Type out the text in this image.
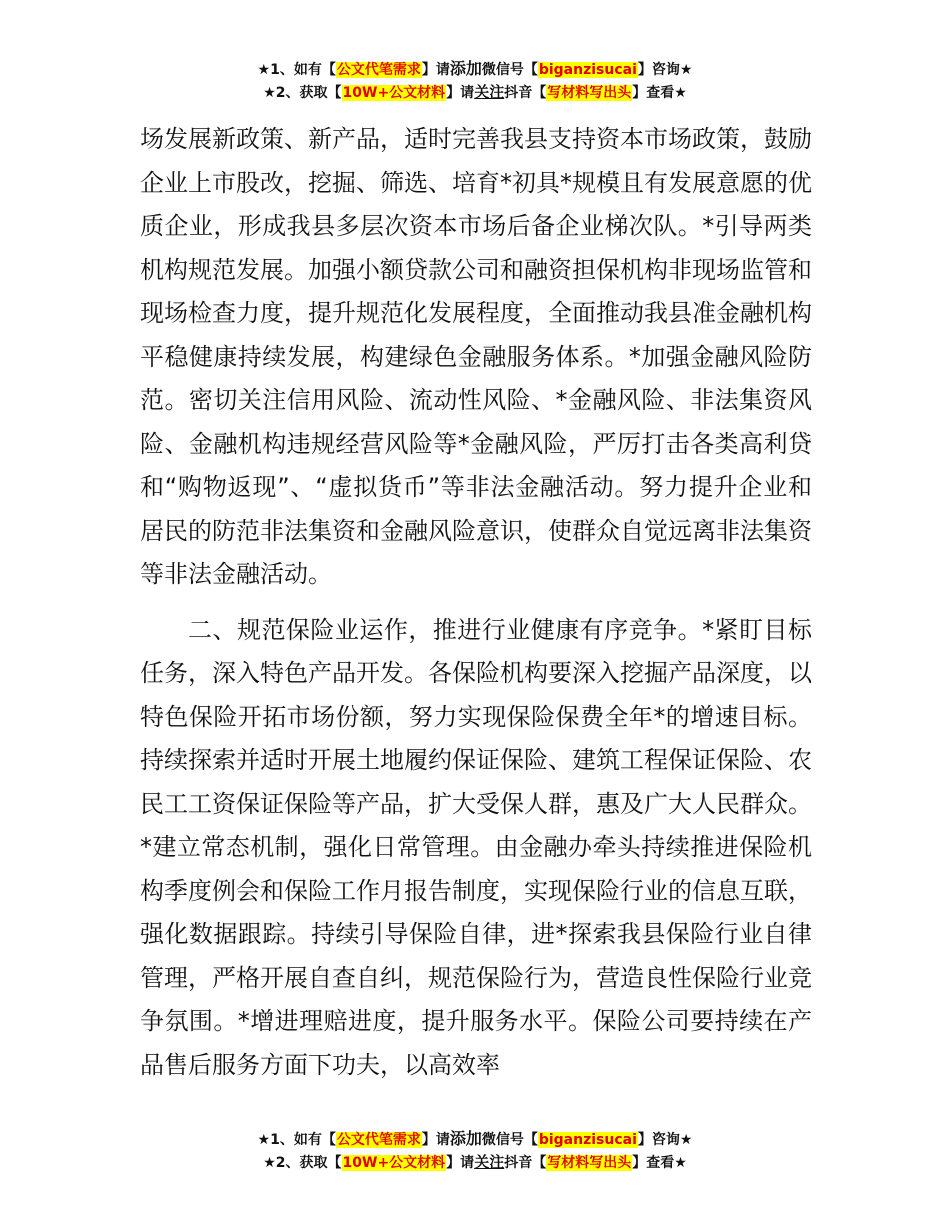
★1、如有【公文代笔需求】请添加微信号【biganzisucai】咨询★
★2、获取【10W+公文材料】请关注抖音【写材料写出头】查看★

场发展新政策、新产品，适时完善我县支持资本市场政策，鼓励企业上市股改，挖掘、筛选、培育*初具*规模且有发展意愿的优质企业，形成我县多层次资本市场后备企业梯次队。*引导两类机构规范发展。加强小额贷款公司和融资担保机构非现场监管和现场检查力度，提升规范化发展程度，全面推动我县准金融机构平稳健康持续发展，构建绿色金融服务体系。*加强金融风险防范。密切关注信用风险、流动性风险、*金融风险、非法集资风险、金融机构违规经营风险等*金融风险，严厉打击各类高利贷和“购物返现”、“虚拟货币”等非法金融活动。努力提升企业和居民的防范非法集资和金融风险意识，使群众自觉远离非法集资等非法金融活动。

二、规范保险业运作，推进行业健康有序竞争。*紧盯目标任务，深入特色产品开发。各保险机构要深入挖掘产品深度，以特色保险开拓市场份额，努力实现保险保费全年*的增速目标。持续探索并适时开展土地履约保证保险、建筑工程保证保险、农民工工资保证保险等产品，扩大受保人群，惠及广大人民群众。*建立常态机制，强化日常管理。由金融办牵头持续推进保险机构季度例会和保险工作月报告制度，实现保险行业的信息互联，强化数据跟踪。持续引导保险自律，进*探索我县保险行业自律管理，严格开展自查自纠，规范保险行为，营造良性保险行业竞争氛围。*增进理赔进度，提升服务水平。保险公司要持续在产品售后服务方面下功夫，以高效率

★1、如有【公文代笔需求】请添加微信号【biganzisucai】咨询★
★2、获取【10W+公文材料】请关注抖音【写材料写出头】查看★
